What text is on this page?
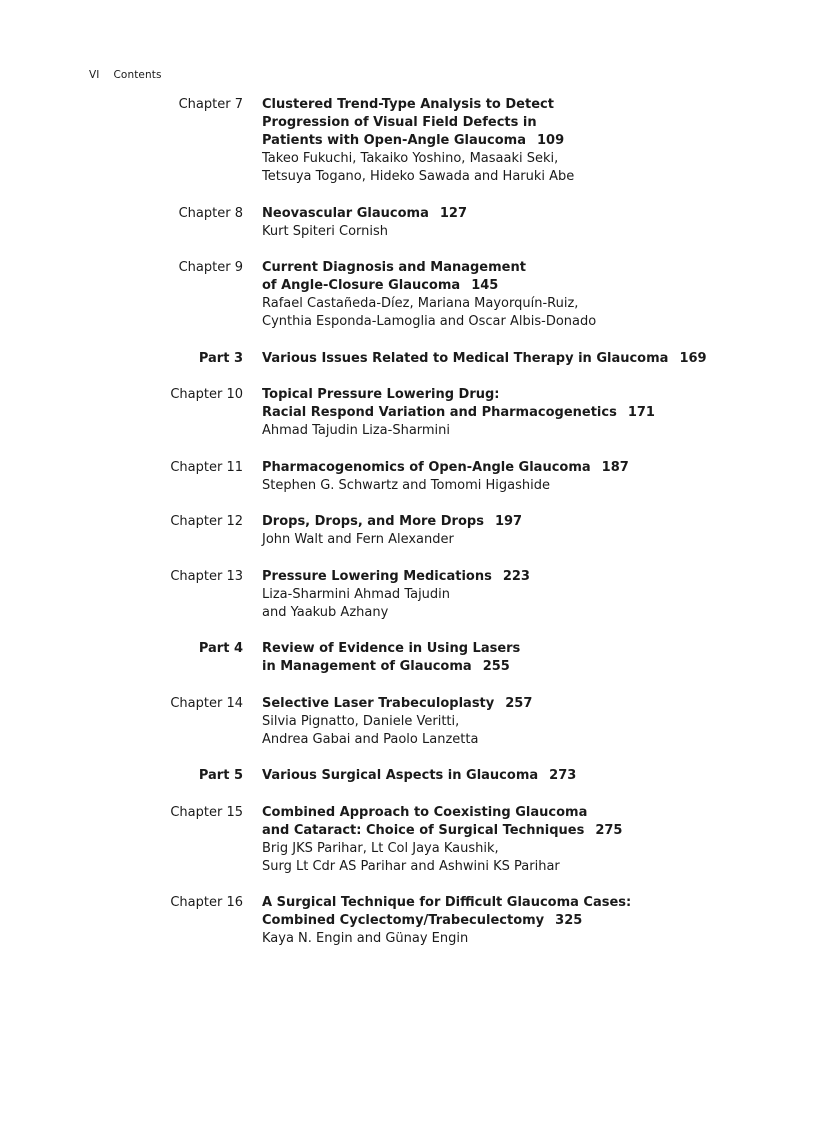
VI Contents
Chapter 7 Clustered Trend-Type Analysis to Detect
Progression of Visual Field Defects in
Patients with Open-Angle Glaucoma 109
Takeo Fukuchi, Takaiko Yoshino, Masaaki Seki,
Tetsuya Togano, Hideko Sawada and Haruki Abe
Chapter 8 Neovascular Glaucoma 127
Kurt Spiteri Cornish
Chapter 9 Current Diagnosis and Management
of Angle-Closure Glaucoma 145
Rafael Castañeda-Díez, Mariana Mayorquín-Ruiz,
Cynthia Esponda-Lamoglia and Oscar Albis-Donado
Part 3 Various Issues Related to Medical Therapy in Glaucoma 169
Chapter 10 Topical Pressure Lowering Drug:
Racial Respond Variation and Pharmacogenetics 171
Ahmad Tajudin Liza-Sharmini
Chapter 11 Pharmacogenomics of Open-Angle Glaucoma 187
Stephen G. Schwartz and Tomomi Higashide
Chapter 12 Drops, Drops, and More Drops 197
John Walt and Fern Alexander
Chapter 13 Pressure Lowering Medications 223
Liza-Sharmini Ahmad Tajudin
and Yaakub Azhany
Part 4 Review of Evidence in Using Lasers
in Management of Glaucoma 255
Chapter 14 Selective Laser Trabeculoplasty 257
Silvia Pignatto, Daniele Veritti,
Andrea Gabai and Paolo Lanzetta
Part 5 Various Surgical Aspects in Glaucoma 273
Chapter 15 Combined Approach to Coexisting Glaucoma
and Cataract: Choice of Surgical Techniques 275
Brig JKS Parihar, Lt Col Jaya Kaushik,
Surg Lt Cdr AS Parihar and Ashwini KS Parihar
Chapter 16 A Surgical Technique for Difficult Glaucoma Cases:
Combined Cyclectomy/Trabeculectomy 325
Kaya N. Engin and Günay Engin
